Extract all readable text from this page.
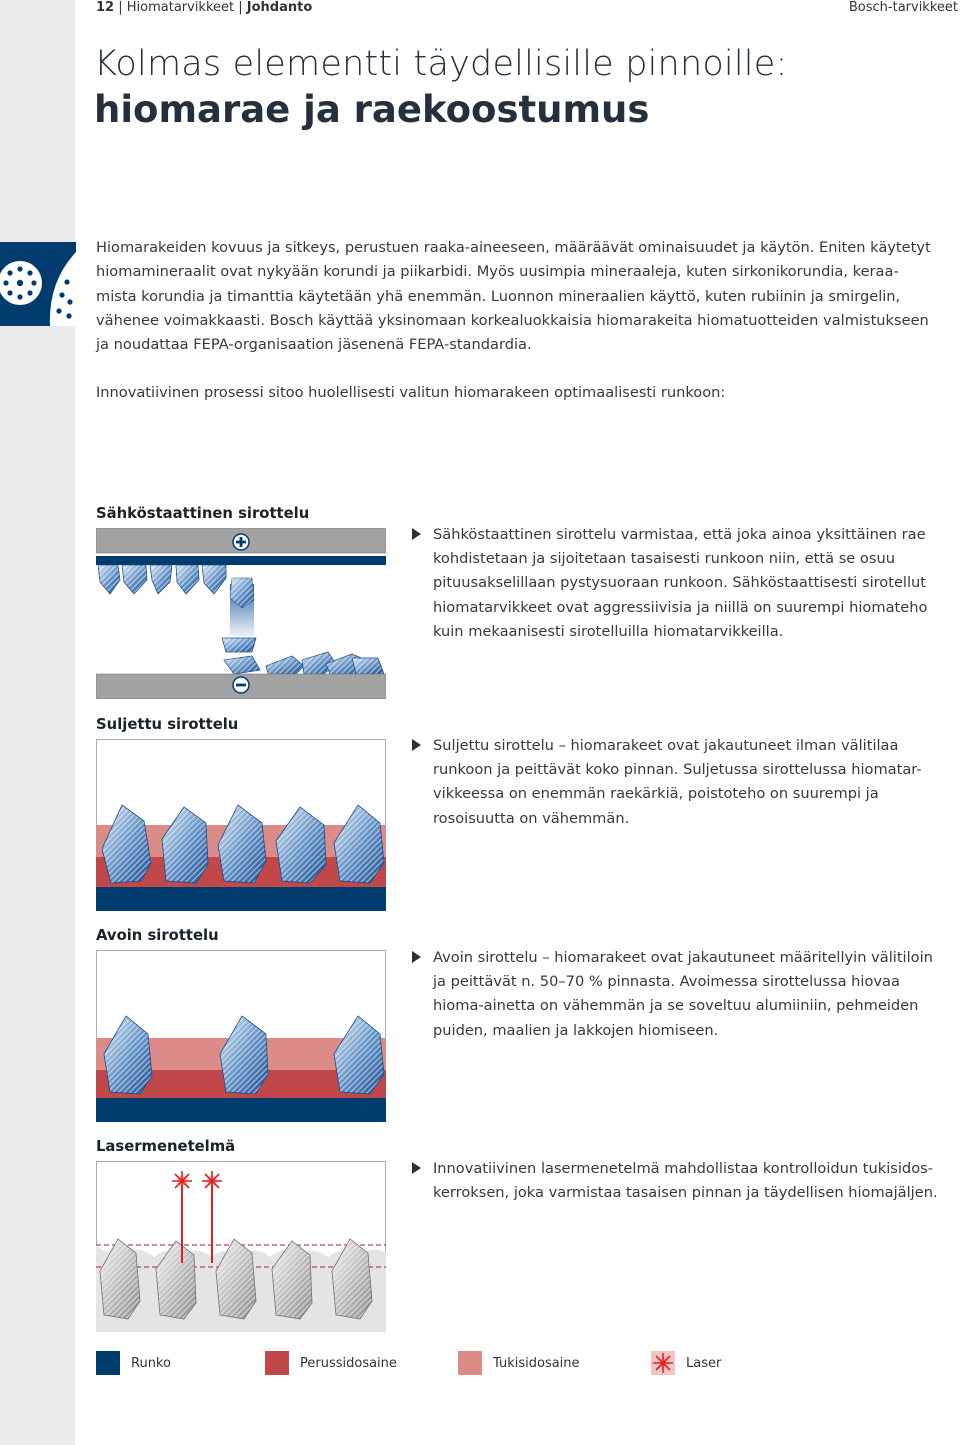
12 | Hiomatarvikkeet | Johdanto	Bosch-tarvikkeet
Kolmas elementti täydellisille pinnoille:
hiomarae ja raekoostumus
Hiomarakeiden kovuus ja sitkeys, perustuen raaka-aineeseen, määräävät ominaisuudet ja käytön. Eniten käytetyt
hiomamineraalit ovat nykyään korundi ja piikarbidi. Myös uusimpia mineraaleja, kuten sirkonikorundia, keraa-
mista korundia ja timanttia käytetään yhä enemmän. Luonnon mineraalien käyttö, kuten rubiinin ja smirgelin,
vähenee voimakkaasti. Bosch käyttää yksinomaan korkealuokkaisia hiomarakeita hiomatuotteiden valmistukseen
ja noudattaa FEPA-organisaation jäsenenä FEPA-standardia.
Innovatiivinen prosessi sitoo huolellisesti valitun hiomarakeen optimaalisesti runkoon:
Sähköstaattinen sirottelu
Sähköstaattinen sirottelu varmistaa, että joka ainoa yksittäinen rae
kohdistetaan ja sijoitetaan tasaisesti runkoon niin, että se osuu
pituusakselillaan pystysuoraan runkoon. Sähköstaattisesti sirotellut
hiomatarvikkeet ovat aggressiivisia ja niillä on suurempi hiomateho
kuin mekaanisesti sirotelluilla hiomatarvikkeilla.
Suljettu sirottelu
Suljettu sirottelu – hiomarakeet ovat jakautuneet ilman välitilaa
runkoon ja peittävät koko pinnan. Suljetussa sirottelussa hiomatar-
vikkeessa on enemmän raekärkiä, poistoteho on suurempi ja
rosoisuutta on vähemmän.
Avoin sirottelu
Avoin sirottelu – hiomarakeet ovat jakautuneet määritellyin välitiloin
ja peittävät n. 50–70 % pinnasta. Avoimessa sirottelussa hiovaa
hioma-ainetta on vähemmän ja se soveltuu alumiiniin, pehmeiden
puiden, maalien ja lakkojen hiomiseen.
Lasermenetelmä
Innovatiivinen lasermenetelmä mahdollistaa kontrolloidun tukisidos-
kerroksen, joka varmistaa tasaisen pinnan ja täydellisen hiomajäljen.
Runko	Perussidosaine	Tukisidosaine	Laser
